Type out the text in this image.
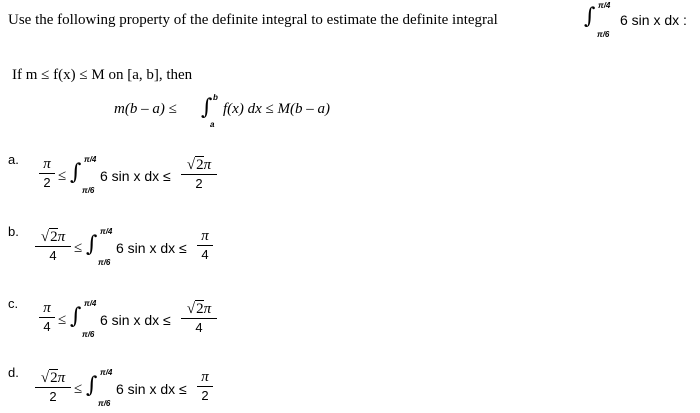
Use the following property of the definite integral to estimate the definite integral	∫ π/4
π/6
6 sin x dx :
If m ≤ f(x) ≤ M on [a, b], then
m(b – a) ≤ ∫ b
a
f(x) dx ≤ M(b – a)
a.	π
2 ≤ ∫
π/4
π/6
6 sin x dx ≤
√2π
2
b.	√2π
4	≤ ∫
π/4
π/6
6 sin x dx ≤
π
4
c.	π
4 ≤ ∫
π/4
π/6
6 sin x dx ≤
√2π
4
d.	√2π
2	≤ ∫
π/4
π/6
6 sin x dx ≤
π
2
